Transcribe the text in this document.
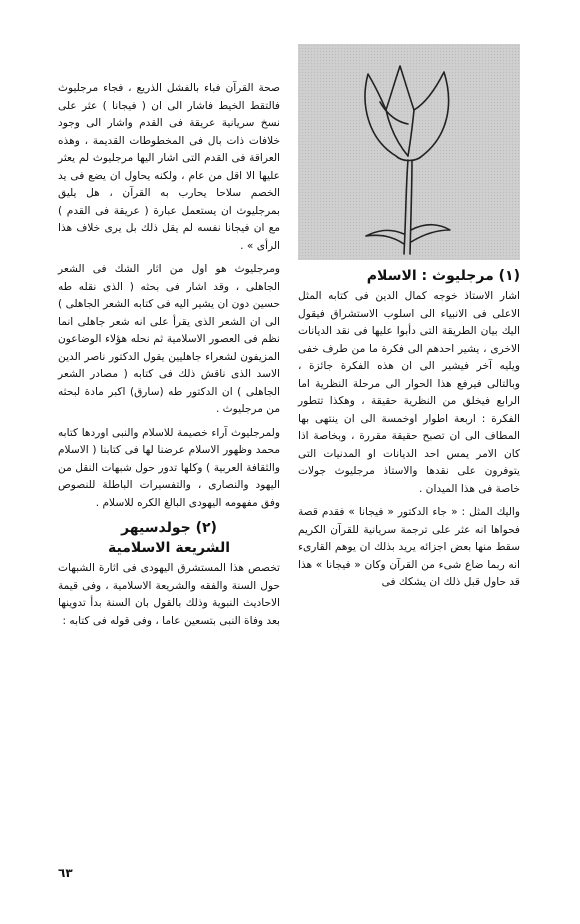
(١) مرجليوث : الاسلام

اشار الاستاذ خوجه كمال الدين فى كتابه المثل الاعلى فى الانبياء الى اسلوب الاستشراق فيقول اليك بيان الطريقة التى دأبوا عليها فى نقد الديانات الاخرى ، يشير احدهم الى فكرة ما من طرف خفى ويليه آخر فيشير الى ان هذه الفكرة جائزة ، وبالتالى فيرفع هذا الحوار الى مرحلة النظرية اما الرابع فيخلق من النظرية حقيقة ، وهكذا تتطور الفكرة : اربعة اطوار اوخمسة الى ان ينتهى بها المطاف الى ان تصبح حقيقة مقررة ، وبخاصة اذا كان الامر يمس احد الديانات او المدنيات التى يتوفرون على نقدها والاستاذ مرجليوث جولات خاصة فى هذا الميدان .

واليك المثل : « جاء الدكتور « فيجانا » فقدم قصة فحواها انه عثر على ترجمة سريانية للقرآن الكريم سقط منها بعض اجزائه يريد بذلك ان يوهم القارىء انه ربما ضاع شىء من القرآن وكان « فيجانا » هذا قد حاول قبل ذلك ان يشكك فى

صحة القرآن فباء بالفشل الذريع ، فجاء مرجليوث فالتقط الخيط فاشار الى ان ( فيجانا ) عثر على نسخ سريانية عريقة فى القدم واشار الى وجود خلافات ذات بال فى المخطوطات القديمة ، وهذه العراقة فى القدم التى اشار اليها مرجليوث لم يعثر عليها الا اقل من عام ، ولكنه يحاول ان يضع فى يد الخصم سلاحا يحارب به القرآن ، هل يليق بمرجليوث ان يستعمل عبارة ( عريقة فى القدم ) مع ان فيجانا نفسه لم يقل ذلك بل يرى خلاف هذا الرأى » .

ومرجليوث هو اول من اثار الشك فى الشعر الجاهلى ، وقد اشار فى بحثه ( الذى نقله طه حسين دون ان يشير اليه فى كتابه الشعر الجاهلى ) الى ان الشعر الذى يقرأ على انه شعر جاهلى انما نظم فى العصور الاسلامية ثم نحله هؤلاء الوضاعون المزيفون لشعراء جاهليين يقول الدكتور ناصر الدين الاسد الذى ناقش ذلك فى كتابه ( مصادر الشعر الجاهلى ) ان الدكتور طه (سارق) اكبر مادة لبحثه من مرجليوث .

ولمرجليوث آراء خصيمة للاسلام والنبى اوردها كتابه محمد وظهور الاسلام عرضنا لها فى كتابنا ( الاسلام والثقافة العربية ) وكلها تدور حول شبهات النقل من اليهود والنصارى ، والتفسيرات الباطلة للنصوص وفق مفهومه اليهودى البالغ الكره للاسلام .

(٢) جولدسيهر
الشريعة الاسلامية

تخصص هذا المستشرق اليهودى فى اثارة الشبهات حول السنة والفقه والشريعة الاسلامية ، وفى قيمة الاحاديث النبوية وذلك بالقول بان السنة بدأ تدوينها بعد وفاة النبى بتسعين عاما ، وفى قوله فى كتابه :

٦٣
